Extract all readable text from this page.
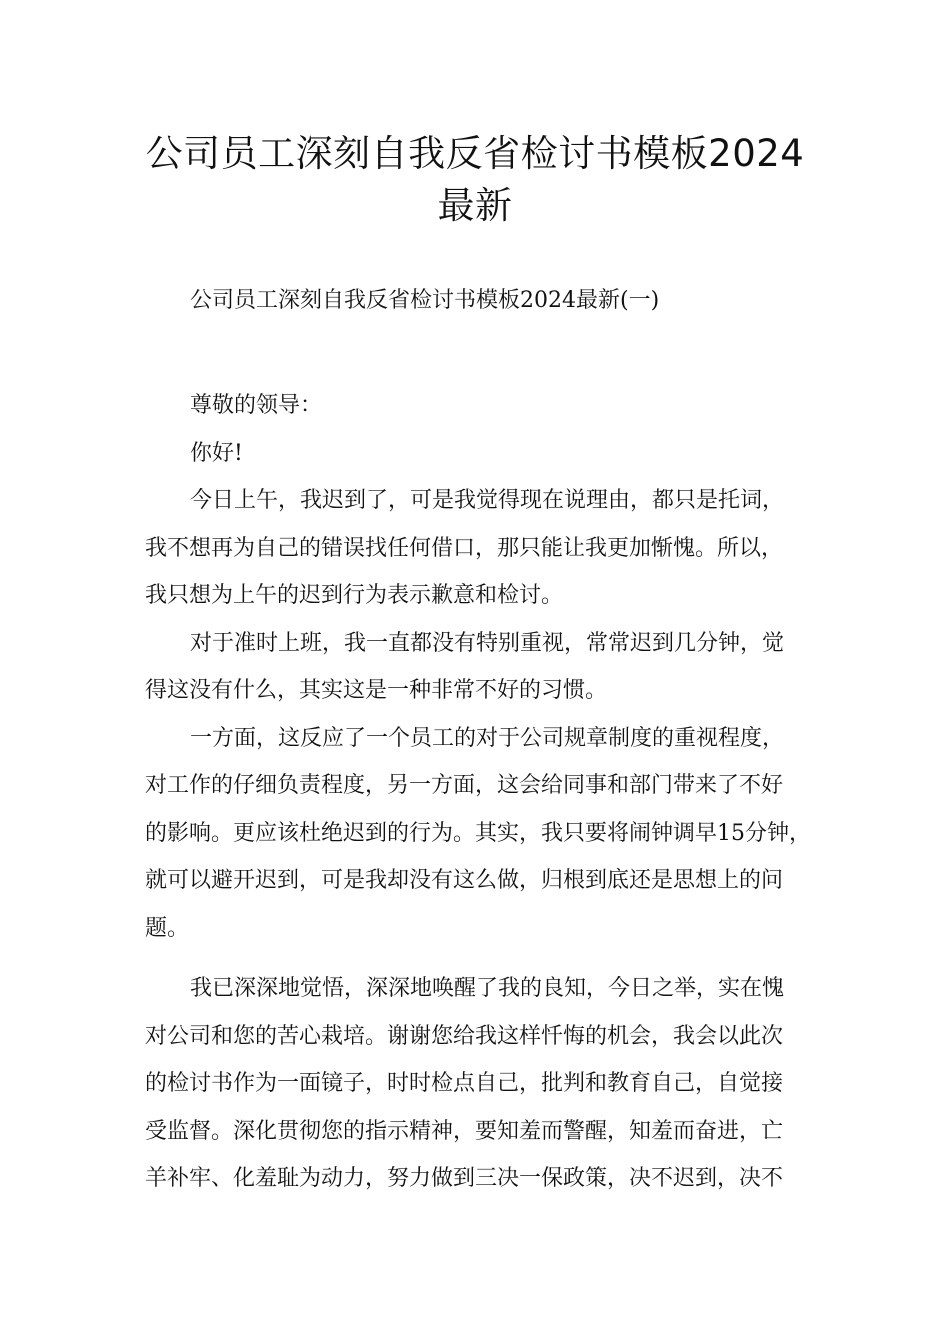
公司员工深刻自我反省检讨书模板2024
最新
公司员工深刻自我反省检讨书模板2024最新(一)

尊敬的领导：

你好!

今日上午，我迟到了，可是我觉得现在说理由，都只是托词，

我不想再为自己的错误找任何借口，那只能让我更加惭愧。所以，

我只想为上午的迟到行为表示歉意和检讨。

对于准时上班，我一直都没有特别重视，常常迟到几分钟，觉

得这没有什么，其实这是一种非常不好的习惯。

一方面，这反应了一个员工的对于公司规章制度的重视程度，

对工作的仔细负责程度，另一方面，这会给同事和部门带来了不好

的影响。更应该杜绝迟到的行为。其实，我只要将闹钟调早15分钟，

就可以避开迟到，可是我却没有这么做，归根到底还是思想上的问

题。

我已深深地觉悟，深深地唤醒了我的良知，今日之举，实在愧

对公司和您的苦心栽培。谢谢您给我这样忏悔的机会，我会以此次

的检讨书作为一面镜子，时时检点自己，批判和教育自己，自觉接

受监督。深化贯彻您的指示精神，要知羞而警醒，知羞而奋进，亡

羊补牢、化羞耻为动力，努力做到三决一保政策，决不迟到，决不
